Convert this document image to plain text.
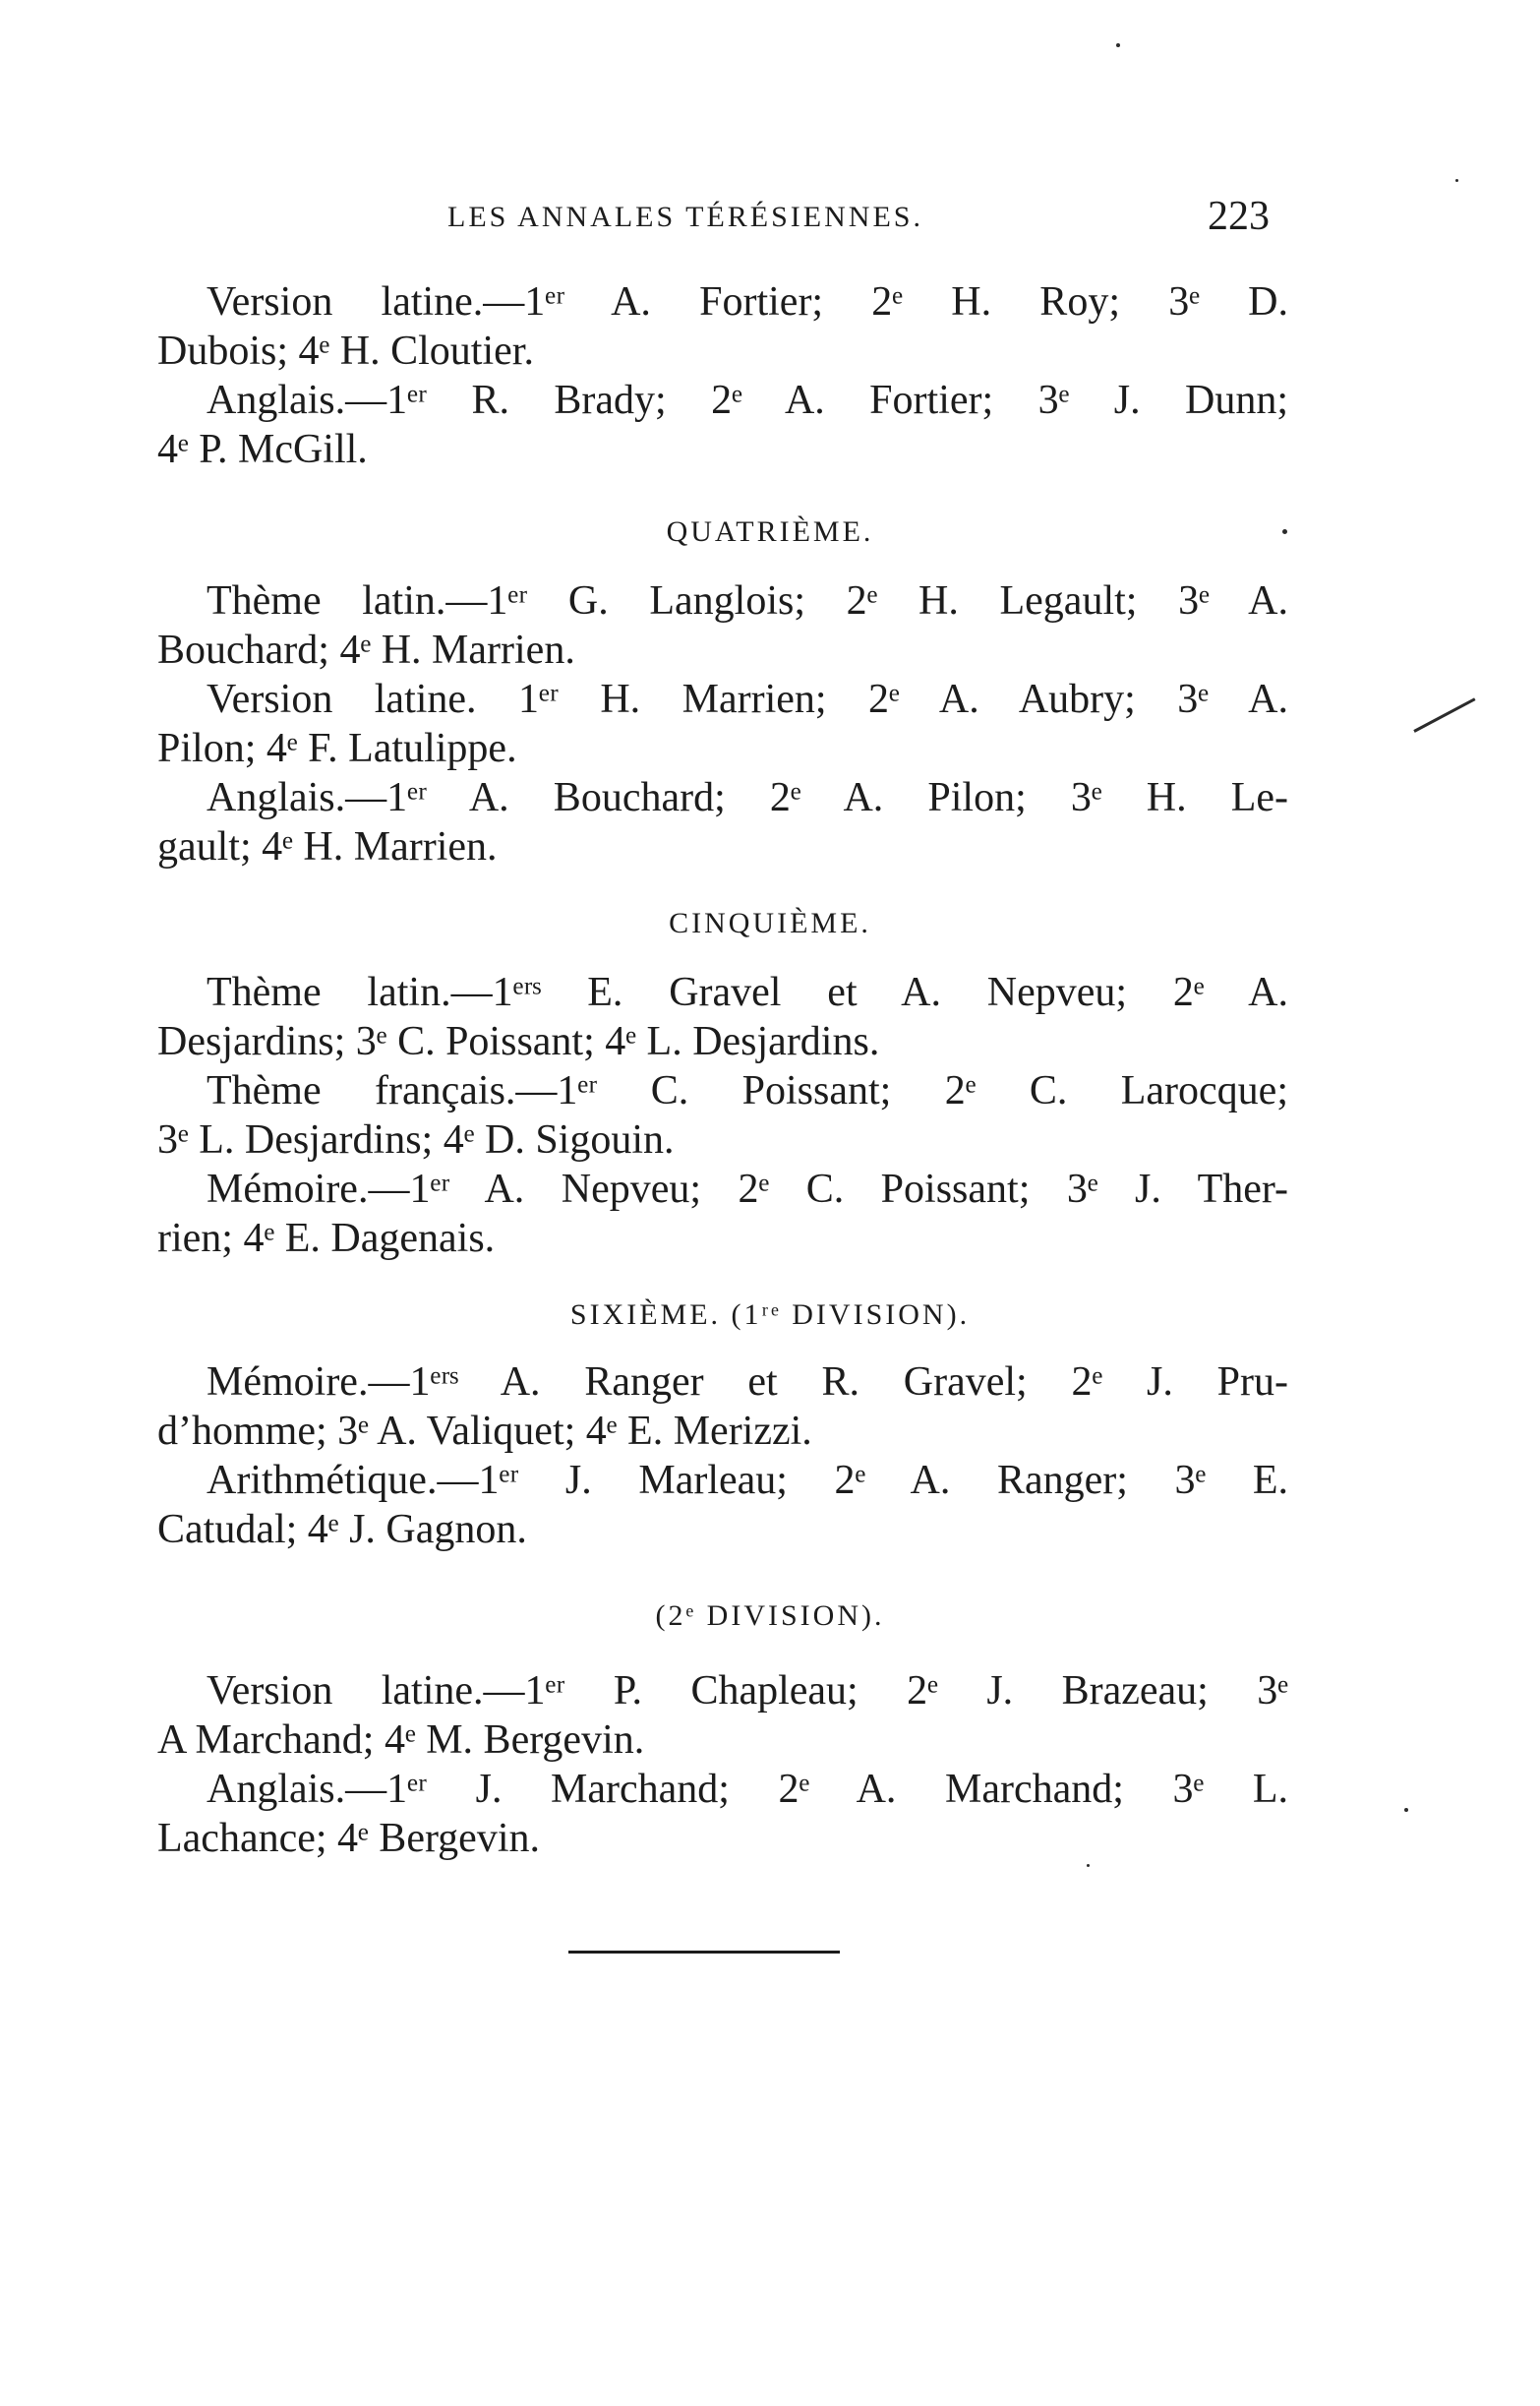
LES ANNALES TÉRÉSIENNES.	223
Version latine.—1ᵉʳ A. Fortier; 2ᵉ H. Roy; 3ᵉ D.
Dubois; 4ᵉ H. Cloutier.
Anglais.—1ᵉʳ R. Brady; 2ᵉ A. Fortier; 3ᵉ J. Dunn;
4ᵉ P. McGill.
QUATRIÈME.
Thème latin.—1ᵉʳ G. Langlois; 2ᵉ H. Legault; 3ᵉ A.
Bouchard; 4ᵉ H. Marrien.
Version latine. 1ᵉʳ H. Marrien; 2ᵉ A. Aubry; 3ᵉ A.
Pilon; 4ᵉ F. Latulippe.
Anglais.—1ᵉʳ A. Bouchard; 2ᵉ A. Pilon; 3ᵉ H. Le-
gault; 4ᵉ H. Marrien.
CINQUIÈME.
Thème latin.—1ᵉʳˢ E. Gravel et A. Nepveu; 2ᵉ A.
Desjardins; 3ᵉ C. Poissant; 4ᵉ L. Desjardins.
Thème français.—1ᵉʳ C. Poissant; 2ᵉ C. Larocque;
3ᵉ L. Desjardins; 4ᵉ D. Sigouin.
Mémoire.—1ᵉʳ A. Nepveu; 2ᵉ C. Poissant; 3ᵉ J. Ther-
rien; 4ᵉ E. Dagenais.
SIXIÈME. (1ʳᵉ DIVISION).
Mémoire.—1ᵉʳˢ A. Ranger et R. Gravel; 2ᵉ J. Pru-
d’homme; 3ᵉ A. Valiquet; 4ᵉ E. Merizzi.
Arithmétique.—1ᵉʳ J. Marleau; 2ᵉ A. Ranger; 3ᵉ E.
Catudal; 4ᵉ J. Gagnon.
(2ᵉ DIVISION).
Version latine.—1ᵉʳ P. Chapleau; 2ᵉ J. Brazeau; 3ᵉ
A Marchand; 4ᵉ M. Bergevin.
Anglais.—1ᵉʳ J. Marchand; 2ᵉ A. Marchand; 3ᵉ L.
Lachance; 4ᵉ Bergevin.
